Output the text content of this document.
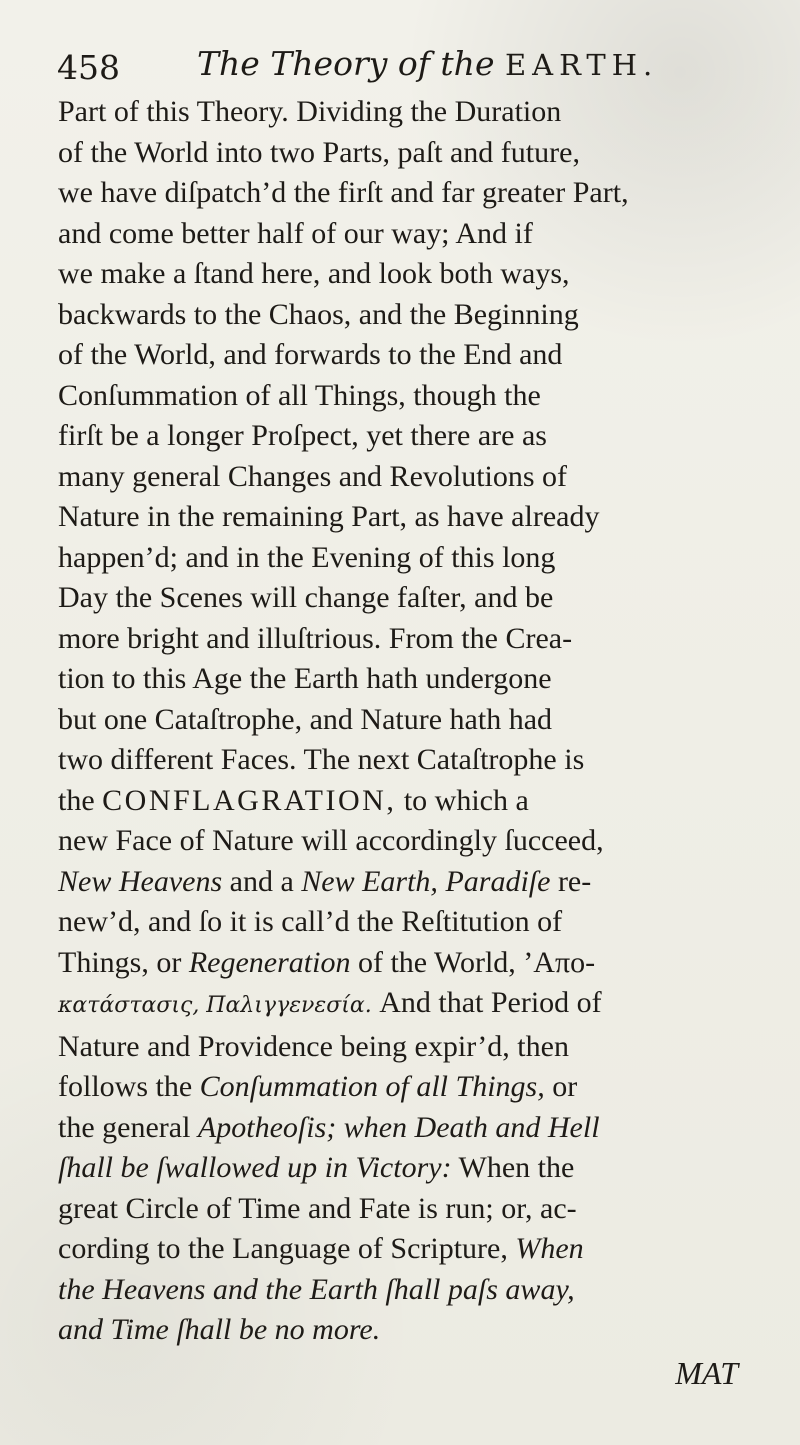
458 The Theory of the EARTH.
Part of this Theory. Dividing the Duration
of the World into two Parts, paſt and future,
we have diſpatch’d the firſt and far greater Part,
and come better half of our way; And if
we make a ſtand here, and look both ways,
backwards to the Chaos, and the Beginning
of the World, and forwards to the End and
Conſummation of all Things, though the
firſt be a longer Proſpect, yet there are as
many general Changes and Revolutions of
Nature in the remaining Part, as have already
happen’d; and in the Evening of this long
Day the Scenes will change faſter, and be
more bright and illuſtrious. From the Crea-
tion to this Age the Earth hath undergone
but one Cataſtrophe, and Nature hath had
two different Faces. The next Cataſtrophe is
the CONFLAGRATION, to which a
new Face of Nature will accordingly ſucceed,
New Heavens and a New Earth, Paradiſe re-
new’d, and ſo it is call’d the Reſtitution of
Things, or Regeneration of the World, ’Απο-
κατάστασις, Παλιγγενεσία. And that Period of
Nature and Providence being expir’d, then
follows the Conſummation of all Things, or
the general Apotheoſis; when Death and Hell
ſhall be ſwallowed up in Victory: When the
great Circle of Time and Fate is run; or, ac-
cording to the Language of Scripture, When
the Heavens and the Earth ſhall paſs away,
and Time ſhall be no more.
MAT
